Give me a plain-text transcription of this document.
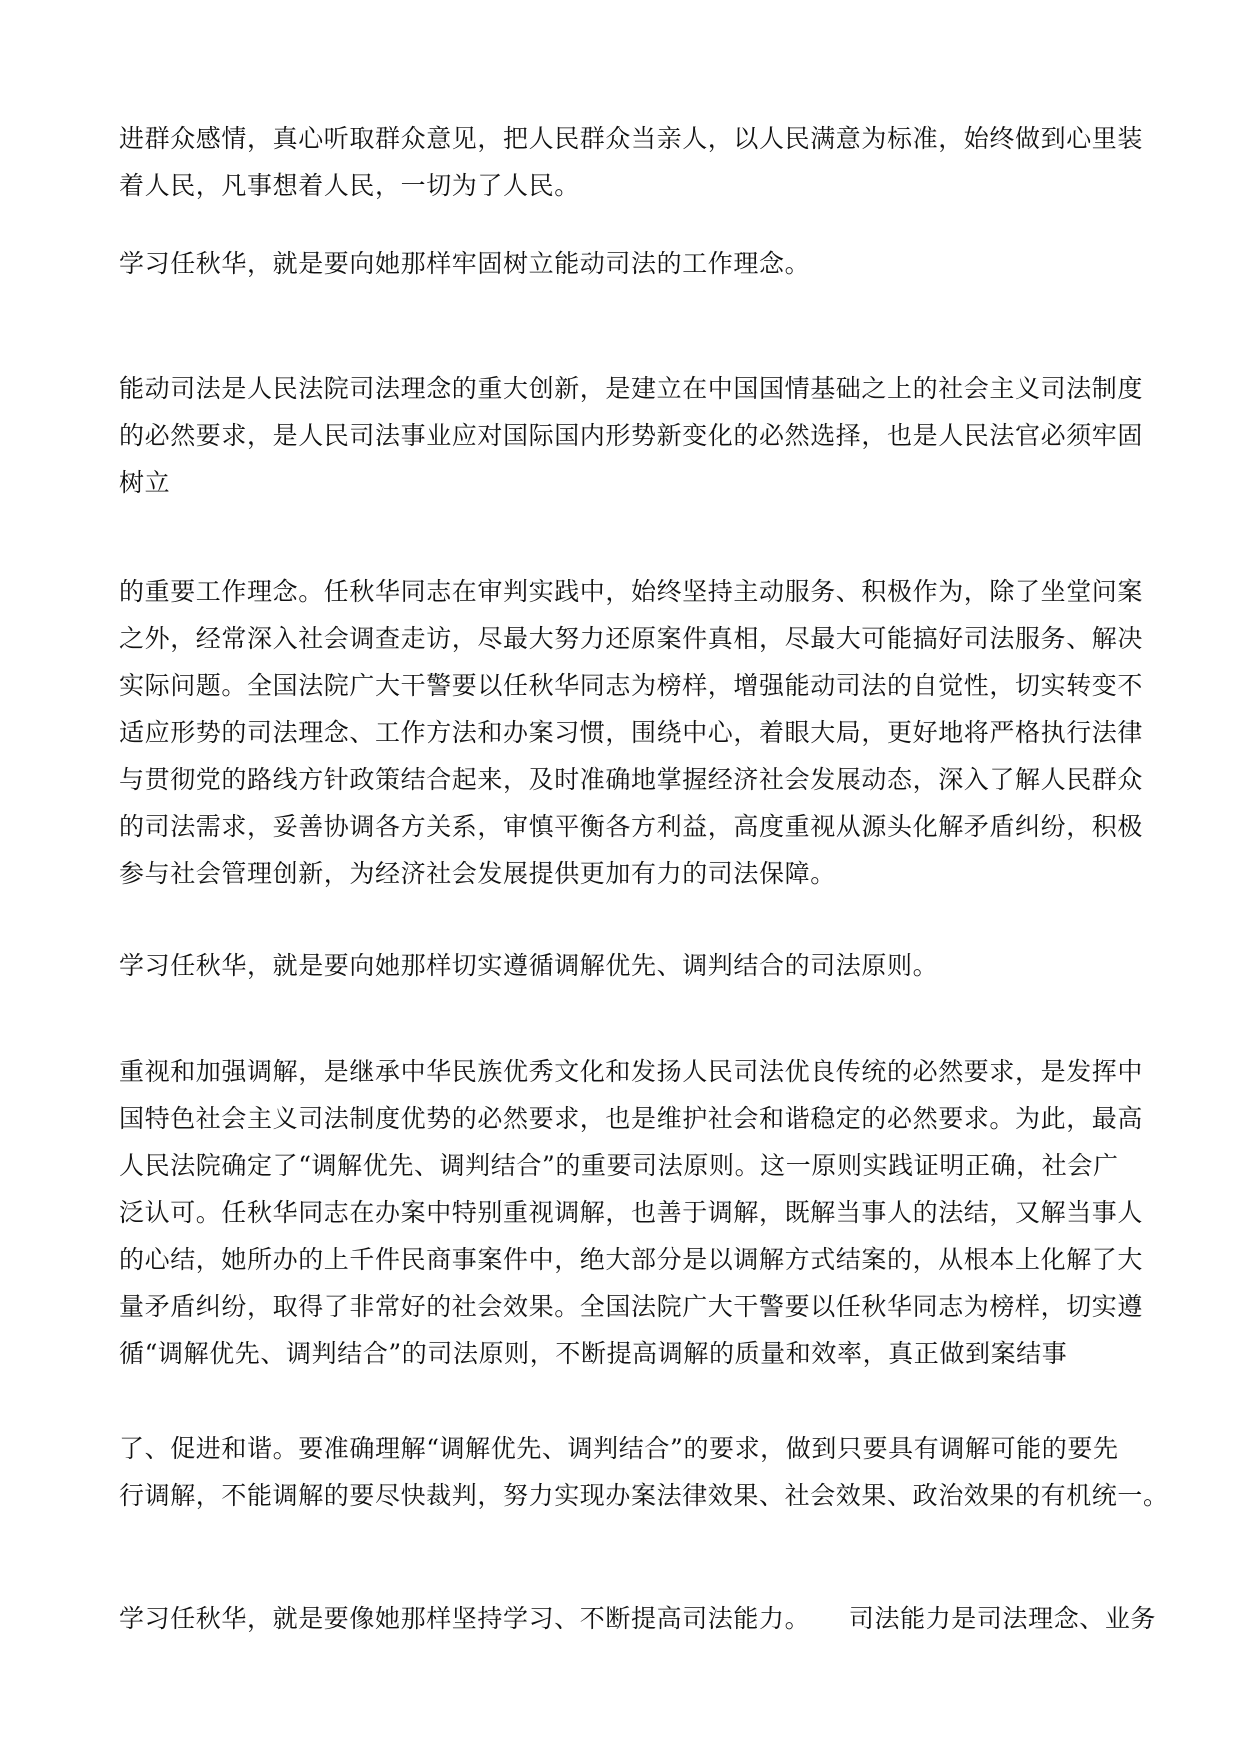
进群众感情，真心听取群众意见，把人民群众当亲人，以人民满意为标准，始终做到心里装
着人民，凡事想着人民，一切为了人民。

学习任秋华，就是要向她那样牢固树立能动司法的工作理念。

能动司法是人民法院司法理念的重大创新，是建立在中国国情基础之上的社会主义司法制度
的必然要求，是人民司法事业应对国际国内形势新变化的必然选择，也是人民法官必须牢固
树立

的重要工作理念。任秋华同志在审判实践中，始终坚持主动服务、积极作为，除了坐堂问案
之外，经常深入社会调查走访，尽最大努力还原案件真相，尽最大可能搞好司法服务、解决
实际问题。全国法院广大干警要以任秋华同志为榜样，增强能动司法的自觉性，切实转变不
适应形势的司法理念、工作方法和办案习惯，围绕中心，着眼大局，更好地将严格执行法律
与贯彻党的路线方针政策结合起来，及时准确地掌握经济社会发展动态，深入了解人民群众
的司法需求，妥善协调各方关系，审慎平衡各方利益，高度重视从源头化解矛盾纠纷，积极
参与社会管理创新，为经济社会发展提供更加有力的司法保障。

学习任秋华，就是要向她那样切实遵循调解优先、调判结合的司法原则。

重视和加强调解，是继承中华民族优秀文化和发扬人民司法优良传统的必然要求，是发挥中
国特色社会主义司法制度优势的必然要求，也是维护社会和谐稳定的必然要求。为此，最高
人民法院确定了“调解优先、调判结合”的重要司法原则。这一原则实践证明正确，社会广
泛认可。任秋华同志在办案中特别重视调解，也善于调解，既解当事人的法结，又解当事人
的心结，她所办的上千件民商事案件中，绝大部分是以调解方式结案的，从根本上化解了大
量矛盾纠纷，取得了非常好的社会效果。全国法院广大干警要以任秋华同志为榜样，切实遵
循“调解优先、调判结合”的司法原则，不断提高调解的质量和效率，真正做到案结事

了、促进和谐。要准确理解“调解优先、调判结合”的要求，做到只要具有调解可能的要先
行调解，不能调解的要尽快裁判，努力实现办案法律效果、社会效果、政治效果的有机统一。

学习任秋华，就是要像她那样坚持学习、不断提高司法能力。　　司法能力是司法理念、业务
